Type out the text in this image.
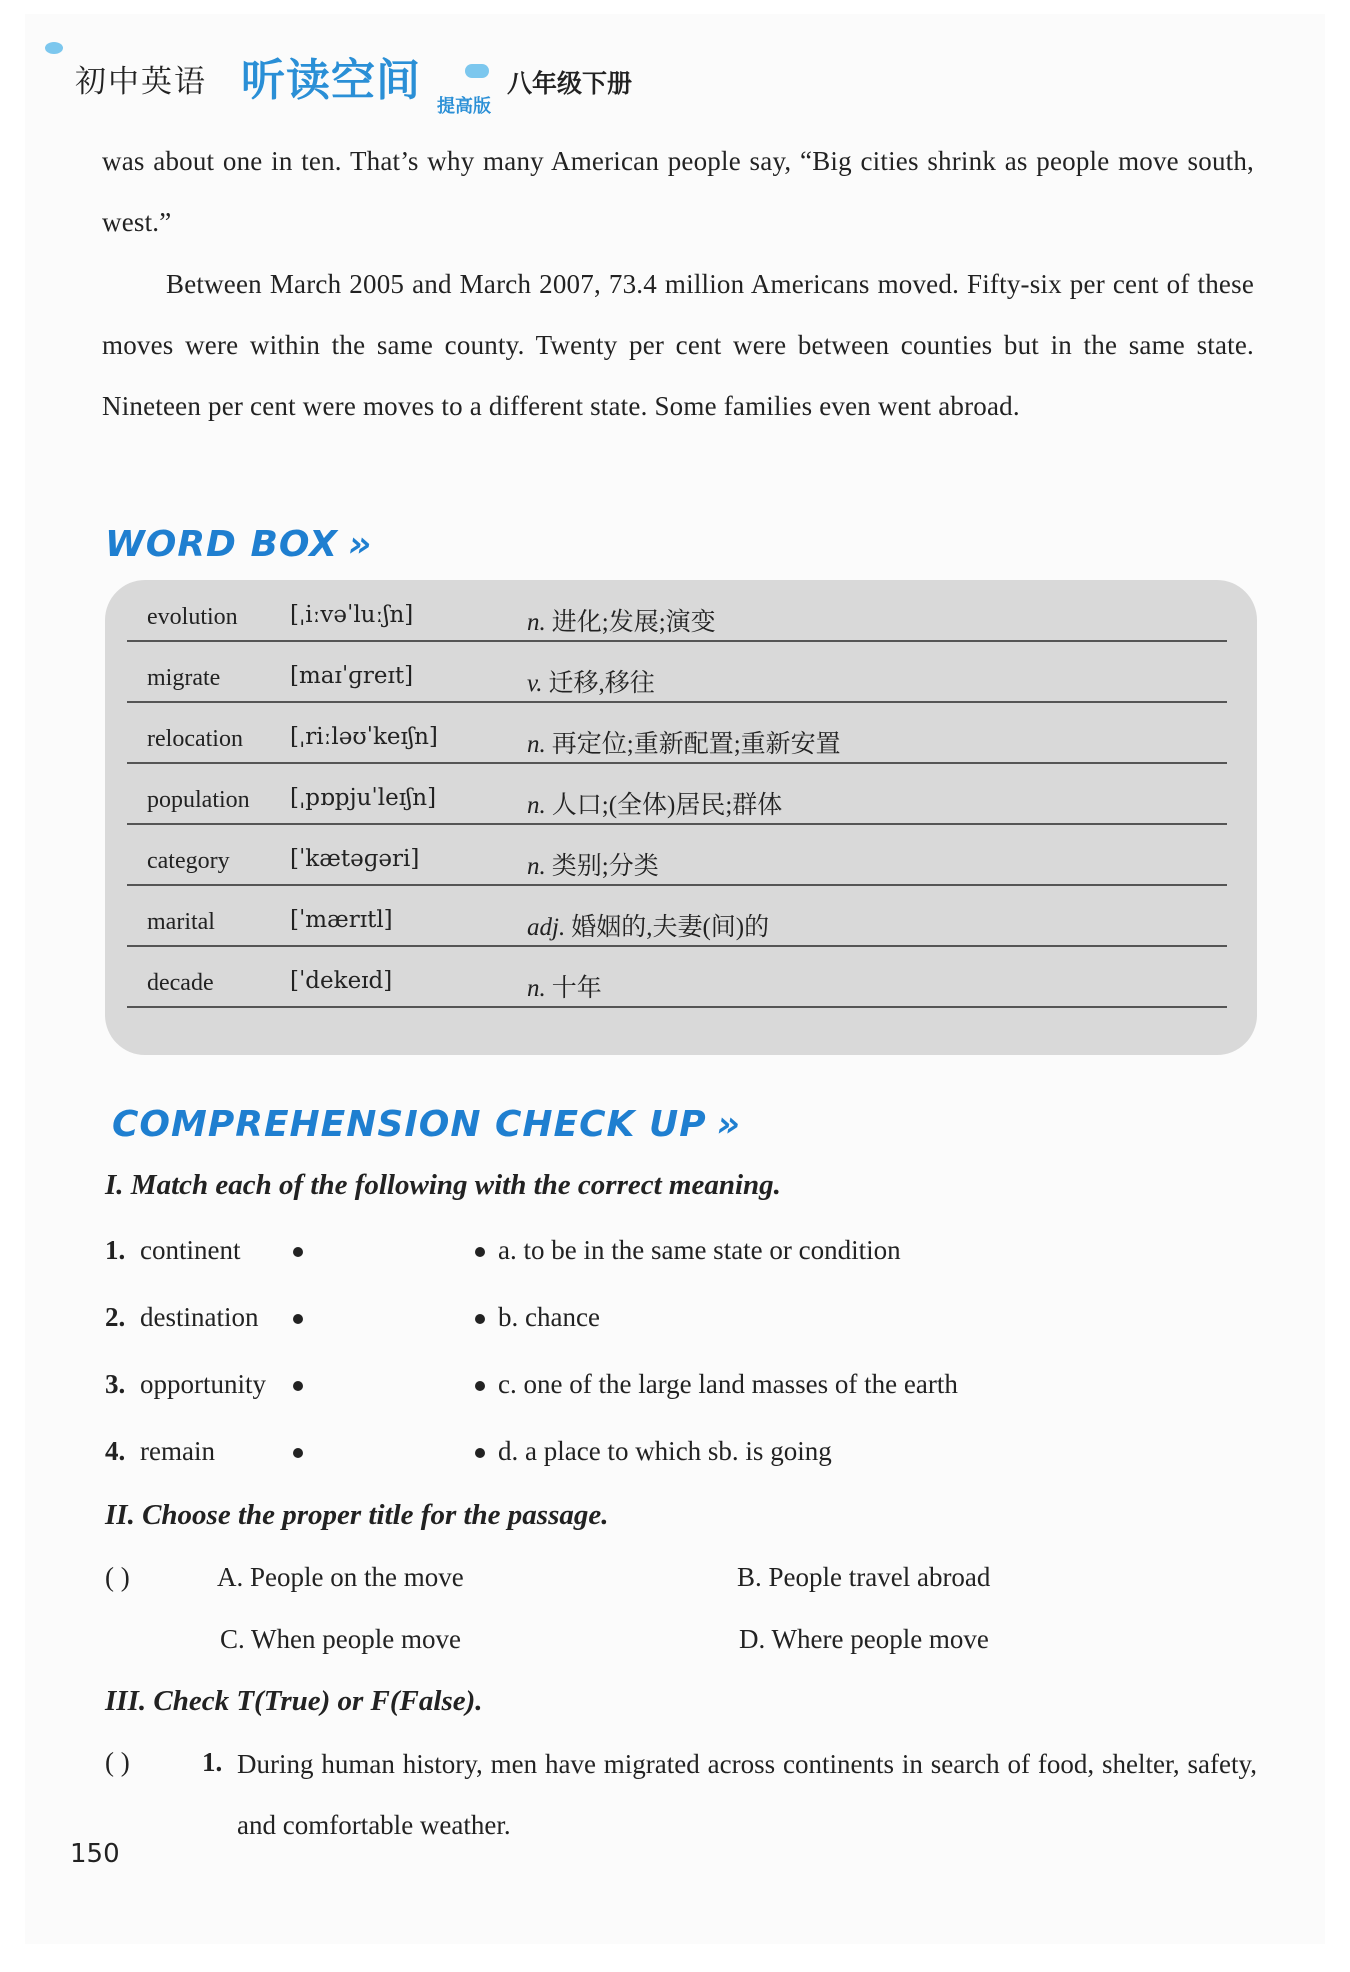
初中英语 听读空间
提高版
八年级下册
was about one in ten. That’s why many American people say, “Big cities shrink as people move south, west.”
Between March 2005 and March 2007, 73.4 million Americans moved. Fifty-six per cent of these moves were within the same county. Twenty per cent were between counties but in the same state. Nineteen per cent were moves to a different state. Some families even went abroad.
WORD BOX »
evolution [ˌiːvəˈluːʃn]	n. 进化;发展;演变
migrate	[maɪˈɡreɪt]	v. 迁移,移往
relocation [ˌriːləʊˈkeɪʃn]	n. 再定位;重新配置;重新安置
population [ˌpɒpjuˈleɪʃn]	n. 人口;(全体)居民;群体
category	[ˈkætəɡəri]	n. 类别;分类
marital	[ˈmærɪtl]	adj. 婚姻的,夫妻(间)的
decade	[ˈdekeɪd]	n. 十年
COMPREHENSION CHECK UP »
I. Match each of the following with the correct meaning.
1. continent	a. to be in the same state or condition
2. destination	b. chance
3. opportunity	c. one of the large land masses of the earth
4. remain	d. a place to which sb. is going
II. Choose the proper title for the passage.
( )	A. People on the move	B. People travel abroad
C. When people move	D. Where people move
III. Check T(True) or F(False).
( )	1. During human history, men have migrated across continents in search of food, shelter, safety, and comfortable weather.
150
